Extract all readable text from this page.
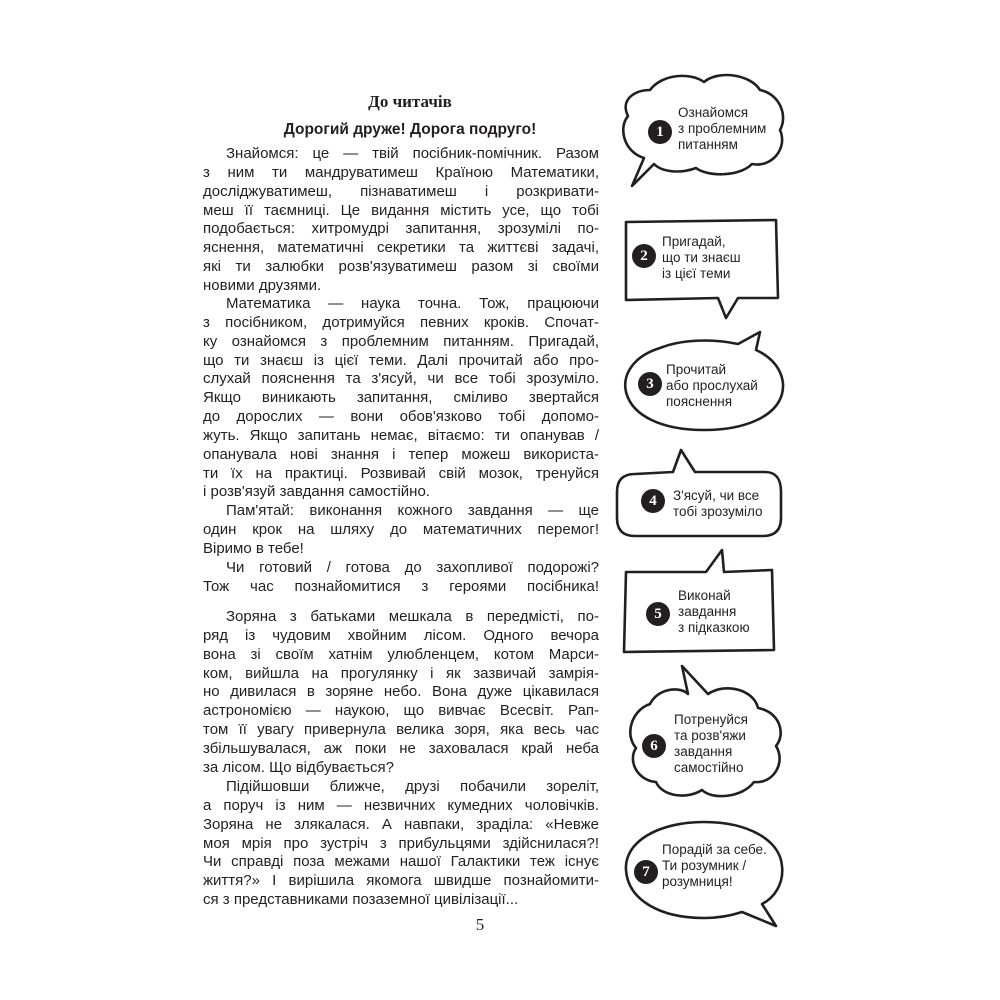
До читачів
Дорогий друже! Дорога подруго!
Знайомся: це — твій посібник-помічник. Разом
з ним ти мандруватимеш Країною Математики,
досліджуватимеш, пізнаватимеш і розкривати-
меш її таємниці. Це видання містить усе, що тобі
подобається: хитромудрі запитання, зрозумілі по-
яснення, математичні секретики та життєві задачі,
які ти залюбки розв'язуватимеш разом зі своїми
новими друзями.
Математика — наука точна. Тож, працюючи
з посібником, дотримуйся певних кроків. Спочат-
ку ознайомся з проблемним питанням. Пригадай,
що ти знаєш із цієї теми. Далі прочитай або про-
слухай пояснення та з'ясуй, чи все тобі зрозуміло.
Якщо виникають запитання, сміливо звертайся
до дорослих — вони обов'язково тобі допомо-
жуть. Якщо запитань немає, вітаємо: ти опанував /
опанувала нові знання і тепер можеш використа-
ти їх на практиці. Розвивай свій мозок, тренуйся
і розв'язуй завдання самостійно.
Пам'ятай: виконання кожного завдання — ще
один крок на шляху до математичних перемог!
Віримо в тебе!
Чи готовий / готова до захопливої подорожі?
Тож час познайомитися з героями посібника!
Зоряна з батьками мешкала в передмісті, по-
ряд із чудовим хвойним лісом. Одного вечора
вона зі своїм хатнім улюбленцем, котом Марси-
ком, вийшла на прогулянку і як зазвичай замрія-
но дивилася в зоряне небо. Вона дуже цікавилася
астрономією — наукою, що вивчає Всесвіт. Рап-
том її увагу привернула велика зоря, яка весь час
збільшувалася, аж поки не заховалася край неба
за лісом. Що відбувається?
Підійшовши ближче, друзі побачили зореліт,
а поруч із ним — незвичних кумедних чоловічків.
Зоряна не злякалася. А навпаки, зраділа: «Невже
моя мрія про зустріч з прибульцями здійснилася?!
Чи справді поза межами нашої Галактики теж існує
життя?» І вирішила якомога швидше познайомити-
ся з представниками позаземної цивілізації...
5
1
Ознайомся
з проблемним
питанням
2
Пригадай,
що ти знаєш
із цієї теми
3
Прочитай
або прослухай
пояснення
4	З'ясуй, чи все
тобі зрозуміло
5
Виконай
завдання
з підказкою
6
Потренуйся
та розв'яжи
завдання
самостійно
7
Порадій за себе.
Ти розумник /
розумниця!
